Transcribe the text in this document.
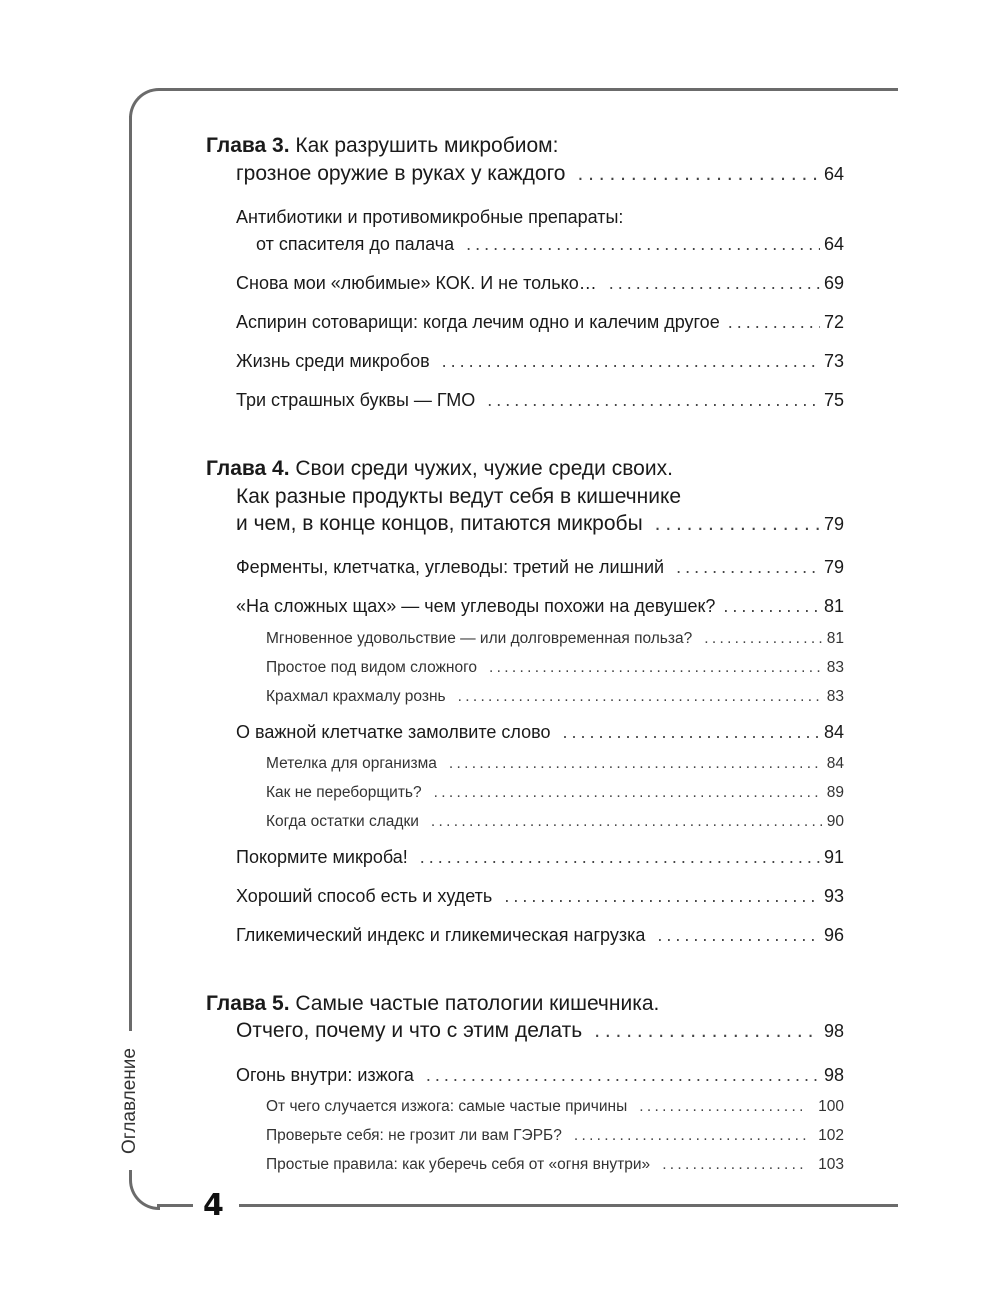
Оглавление
4
Глава 3.
Как разрушить микробиом:
грозное оружие в руках у каждого . . .	64
Антибиотики и противомикробные препараты:
от спасителя до палача . . .	64
Снова мои «любимые» КОК. И не только… . . .	69
Аспирин сотоварищи: когда лечим одно и калечим другое . . .	72
Жизнь среди микробов . . .	73
Три страшных буквы — ГМО . . .	75
Глава 4.
Свои среди чужих, чужие среди своих.
Как разные продукты ведут себя в кишечнике
и чем, в конце концов, питаются микробы . . .	79
Ферменты, клетчатка, углеводы: третий не лишний . . .	79
«На сложных щах» — чем углеводы похожи на девушек? . . .	81
Мгновенное удовольствие — или долговременная польза? . . .	81
Простое под видом сложного . . .	83
Крахмал крахмалу рознь . . .	83
О важной клетчатке замолвите слово . . .	84
Метелка для организма . . .	84
Как не переборщить? . . .	89
Когда остатки сладки . . .	90
Покормите микроба! . . .	91
Хороший способ есть и худеть . . .	93
Гликемический индекс и гликемическая нагрузка . . .	96
Глава 5.
Самые частые патологии кишечника.
Отчего, почему и что с этим делать . . .	98
Огонь внутри: изжога . . .	98
От чего случается изжога: самые частые причины . . .	100
Проверьте себя: не грозит ли вам ГЭРБ? . . .	102
Простые правила: как уберечь себя от «огня внутри» . . .	103
